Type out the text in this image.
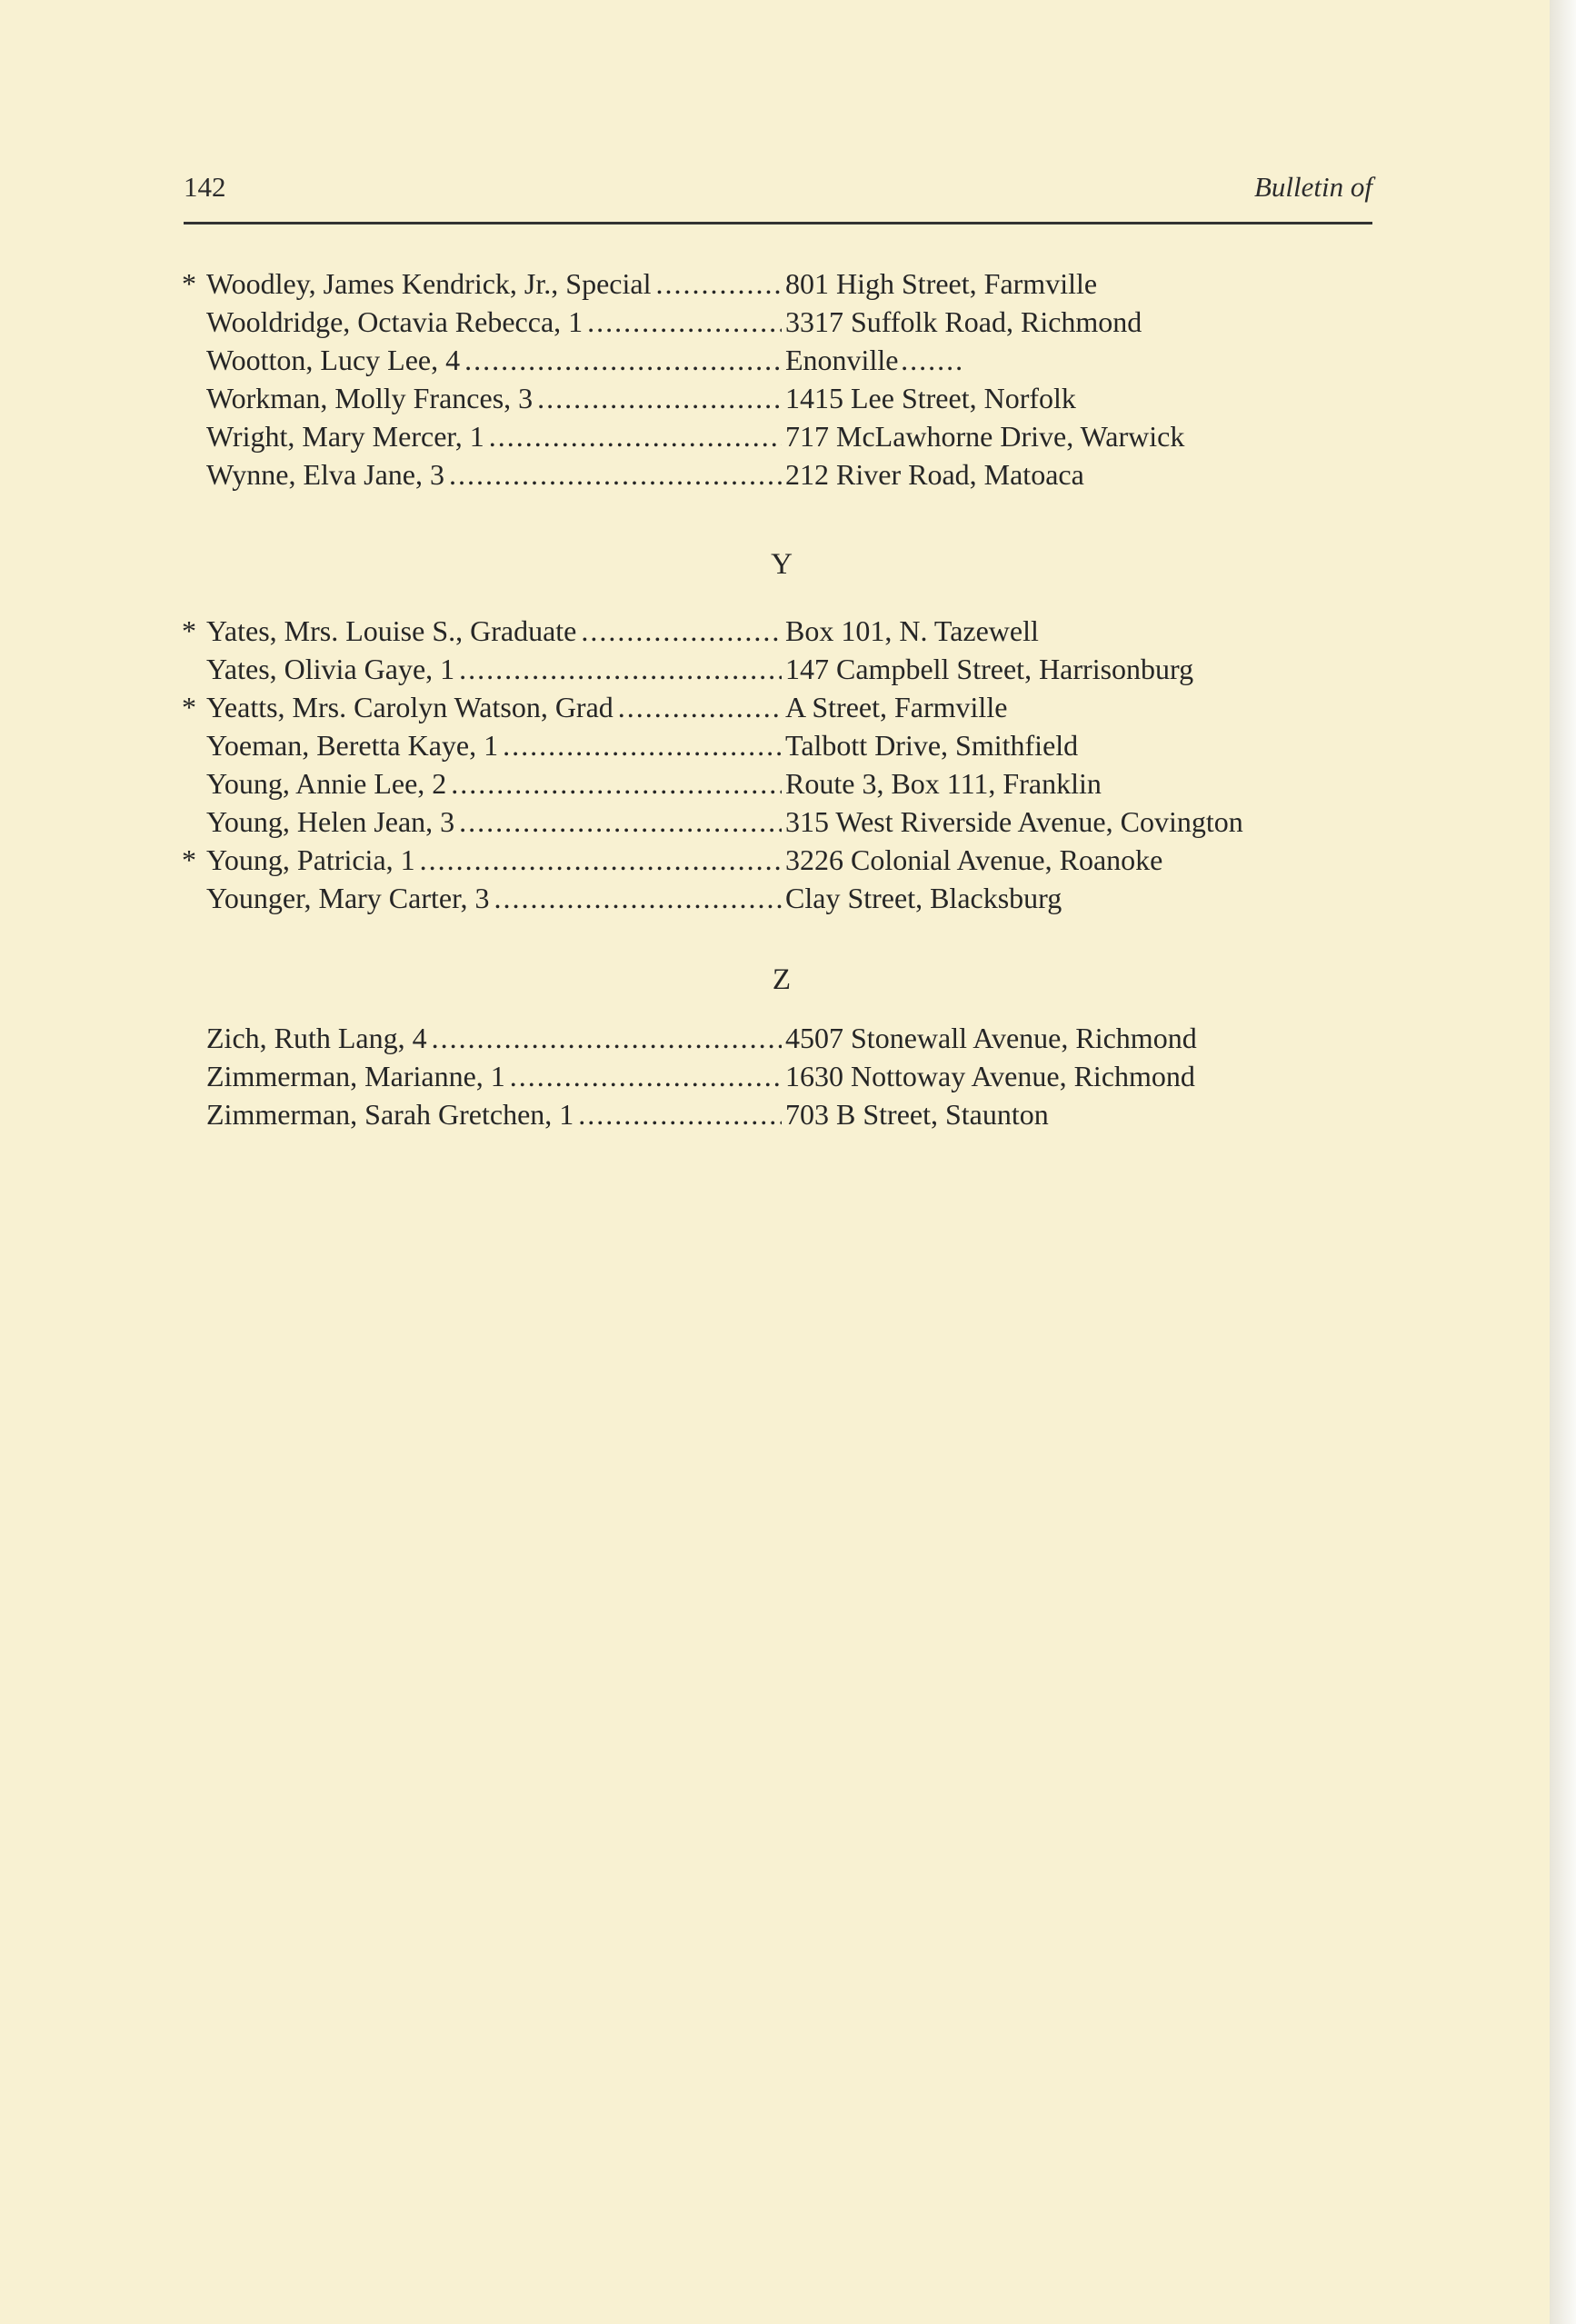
142	Bulletin of
* Woodley, James Kendrick, Jr., Special . . .	801 High Street, Farmville
Wooldridge, Octavia Rebecca, 1 . . .	3317 Suffolk Road, Richmond
Wootton, Lucy Lee, 4 . . .	Enonville
Workman, Molly Frances, 3 . . .	1415 Lee Street, Norfolk
Wright, Mary Mercer, 1 . . .	717 McLawhorne Drive, Warwick
Wynne, Elva Jane, 3 . . .	212 River Road, Matoaca
* Yates, Mrs. Louise S., Graduate . . .	Box 101, N. Tazewell
Yates, Olivia Gaye, 1 . . .	147 Campbell Street, Harrisonburg
* Yeatts, Mrs. Carolyn Watson, Grad . . .	A Street, Farmville
Yoeman, Beretta Kaye, 1 . . .	Talbott Drive, Smithfield
Young, Annie Lee, 2 . . .	Route 3, Box 111, Franklin
Young, Helen Jean, 3 . . .	315 West Riverside Avenue, Covington
* Young, Patricia, 1 . . .	3226 Colonial Avenue, Roanoke
Younger, Mary Carter, 3 . . .	Clay Street, Blacksburg
Zich, Ruth Lang, 4 . . .	4507 Stonewall Avenue, Richmond
Zimmerman, Marianne, 1 . . .	1630 Nottoway Avenue, Richmond
Zimmerman, Sarah Gretchen, 1 . . .	703 B Street, Staunton
Y
Z
